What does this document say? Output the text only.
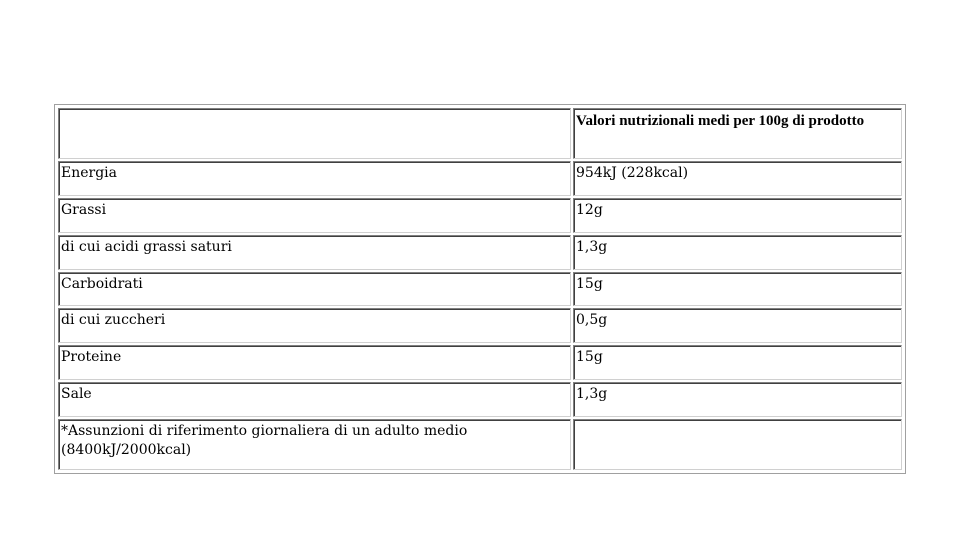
	Valori nutrizionali medi per 100g di prodotto
Energia	954kJ (228kcal)
Grassi	12g
di cui acidi grassi saturi	1,3g
Carboidrati	15g
di cui zuccheri	0,5g
Proteine	15g
Sale	1,3g
*Assunzioni di riferimento giornaliera di un adulto medio (8400kJ/2000kcal)	
